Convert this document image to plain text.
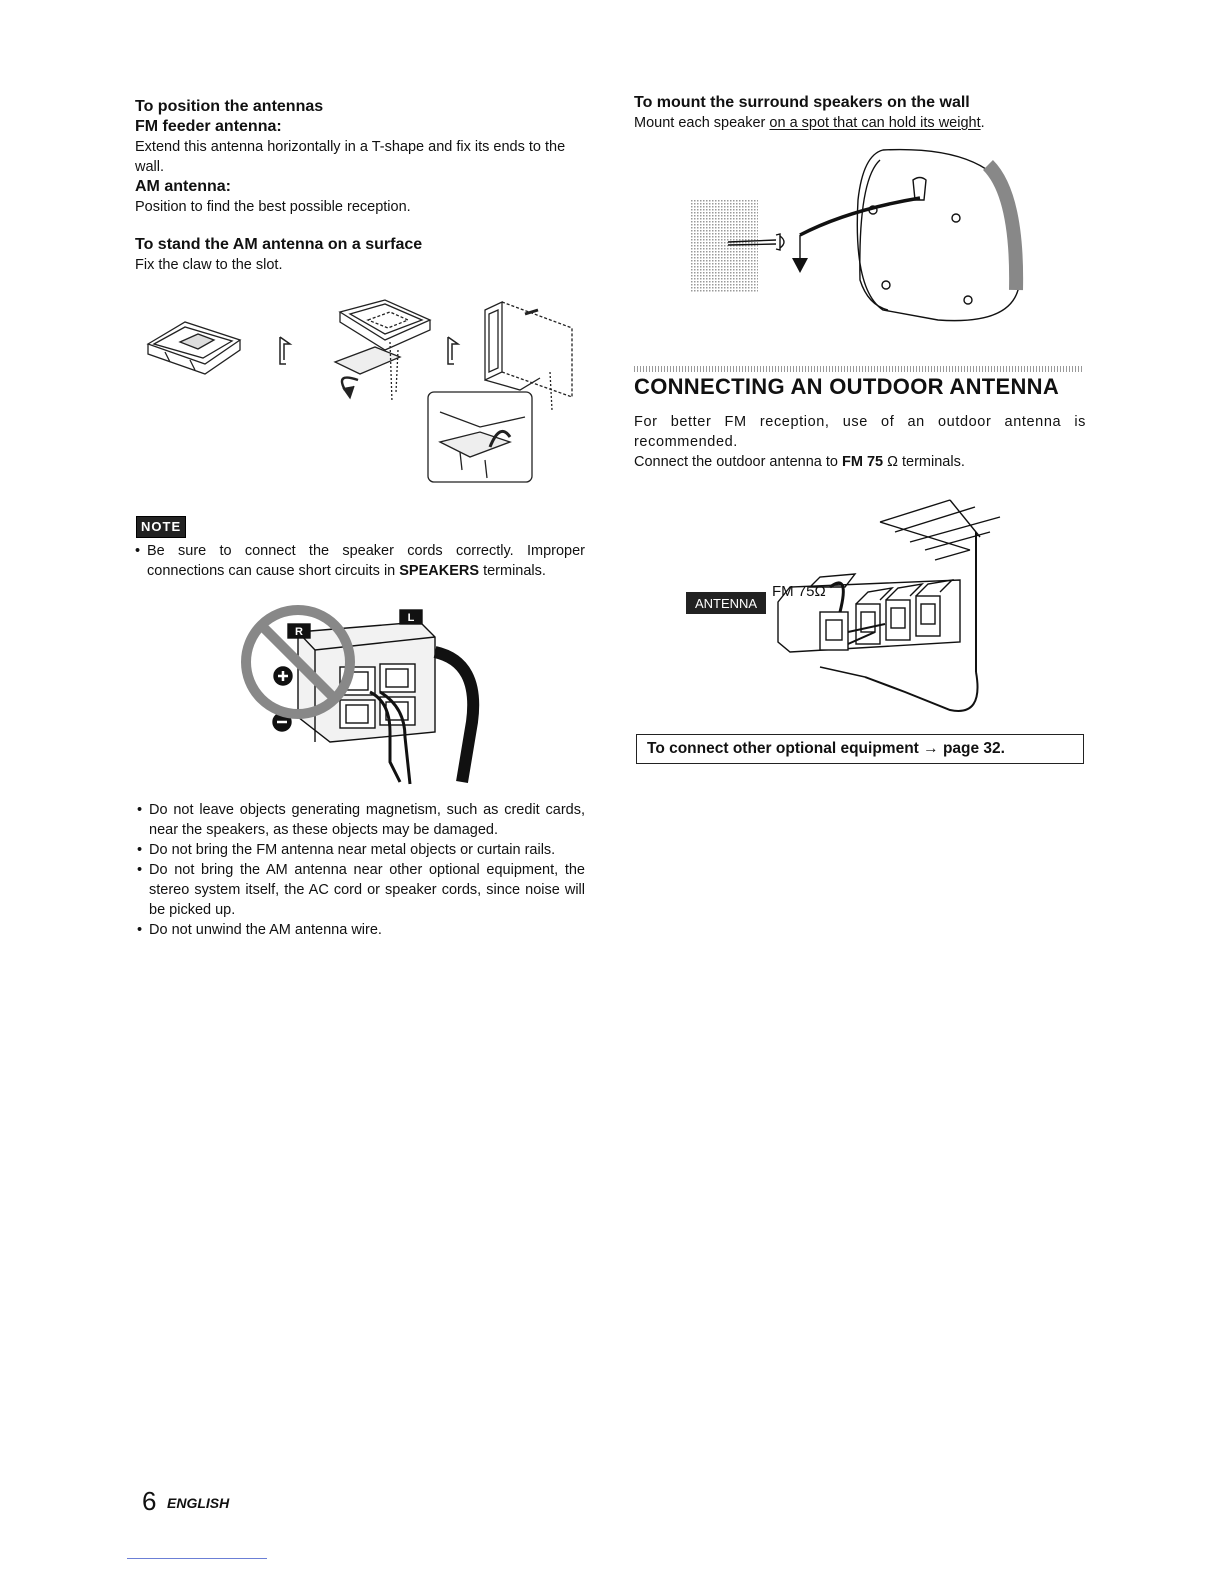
To position the antennas
FM feeder antenna:

Extend this antenna horizontally in a T-shape and fix its ends to the wall.

AM antenna:

Position to find the best possible reception.

To stand the AM antenna on a surface

Fix the claw to the slot.

NOTE
• Be sure to connect the speaker cords correctly. Improper connections can cause short circuits in SPEAKERS terminals.
R
L
• Do not leave objects generating magnetism, such as credit cards, near the speakers, as these objects may be damaged.
• Do not bring the FM antenna near metal objects or curtain rails.
• Do not bring the AM antenna near other optional equipment, the stereo system itself, the AC cord or speaker cords, since noise will be picked up.
• Do not unwind the AM antenna wire.
To mount the surround speakers on the wall

Mount each speaker on a spot that can hold its weight.

CONNECTING AN OUTDOOR ANTENNA

For better FM reception, use of an outdoor antenna is recommended.

Connect the outdoor antenna to FM 75 Ω terminals.

ANTENNA
FM 75Ω
To connect other optional equipment → page 32.
6 ENGLISH
